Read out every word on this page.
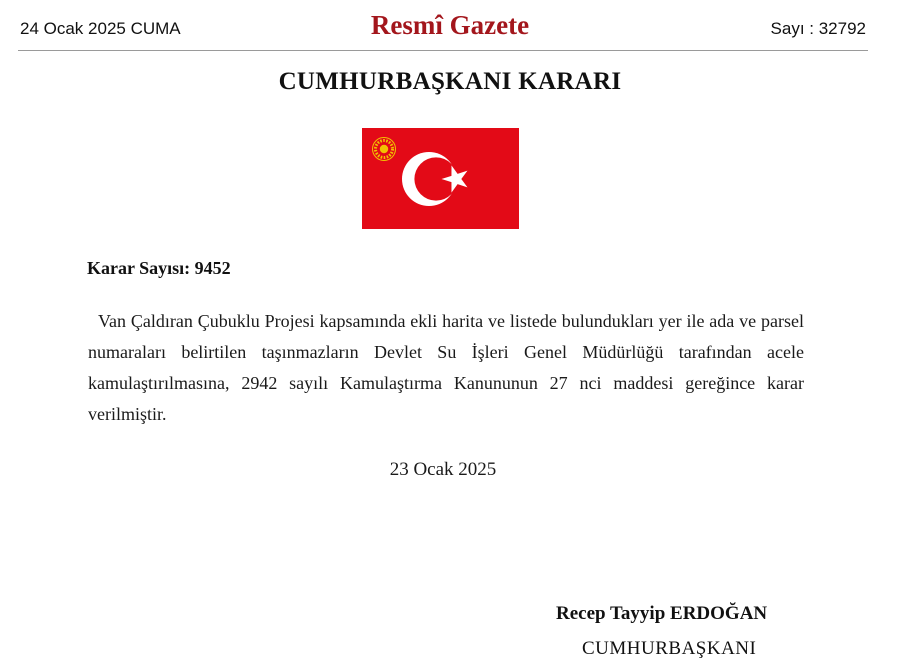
24 Ocak 2025 CUMA	Resmî Gazete	Sayı : 32792
CUMHURBAŞKANI KARARI
Karar Sayısı: 9452

Van Çaldıran Çubuklu Projesi kapsamında ekli harita ve listede bulundukları yer ile ada ve parsel numaraları belirtilen taşınmazların Devlet Su İşleri Genel Müdürlüğü tarafından acele kamulaştırılmasına, 2942 sayılı Kamulaştırma Kanununun 27 nci maddesi gereğince karar verilmiştir.

23 Ocak 2025
Recep Tayyip ERDOĞAN
CUMHURBAŞKANI
